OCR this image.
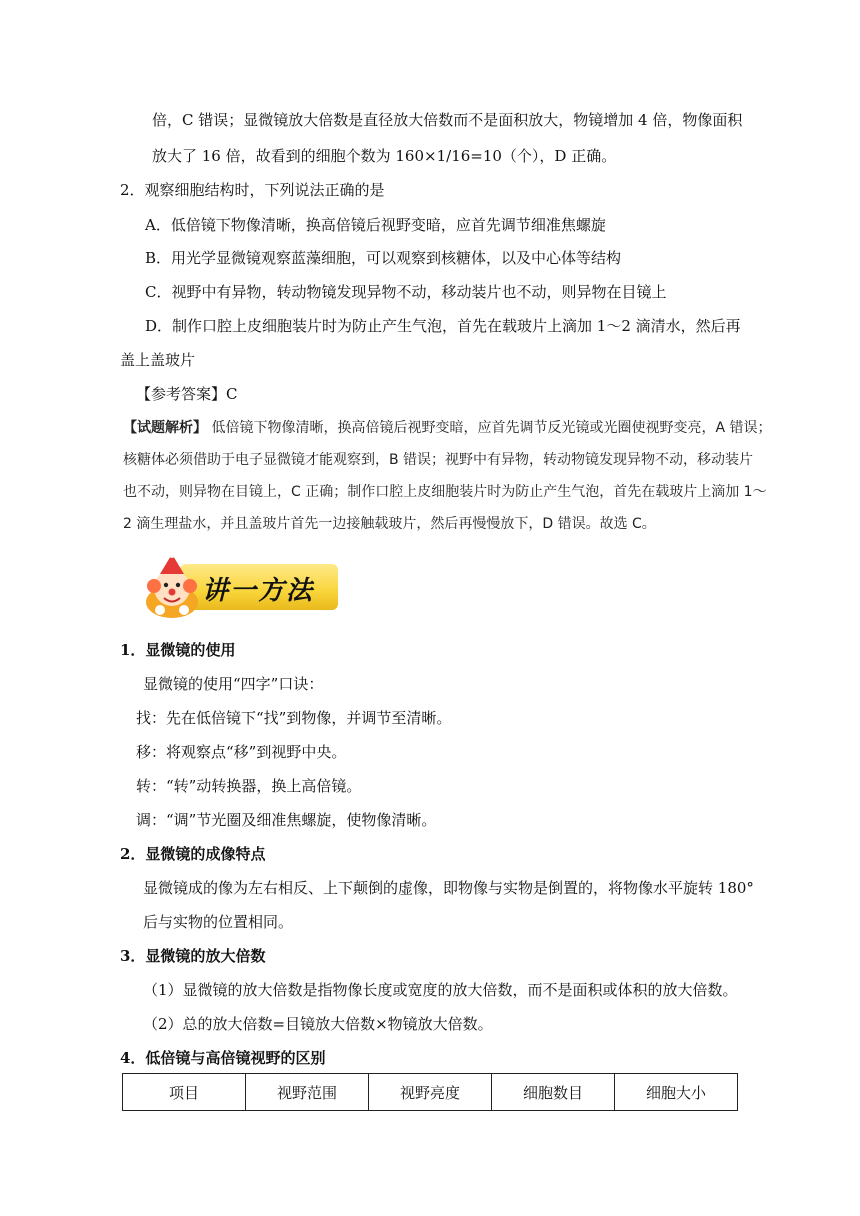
倍，C 错误；显微镜放大倍数是直径放大倍数而不是面积放大，物镜增加 4 倍，物像面积
放大了 16 倍，故看到的细胞个数为 160×1/16=10（个），D 正确。
2．观察细胞结构时，下列说法正确的是
A．低倍镜下物像清晰，换高倍镜后视野变暗，应首先调节细准焦螺旋
B．用光学显微镜观察蓝藻细胞，可以观察到核糖体，以及中心体等结构
C．视野中有异物，转动物镜发现异物不动，移动装片也不动，则异物在目镜上
D．制作口腔上皮细胞装片时为防止产生气泡，首先在载玻片上滴加 1～2 滴清水，然后再
盖上盖玻片
【参考答案】C
【试题解析】 低倍镜下物像清晰，换高倍镜后视野变暗，应首先调节反光镜或光圈使视野变亮，A 错误；
核糖体必须借助于电子显微镜才能观察到，B 错误；视野中有异物，转动物镜发现异物不动，移动装片
也不动，则异物在目镜上，C 正确；制作口腔上皮细胞装片时为防止产生气泡，首先在载玻片上滴加 1～
2 滴生理盐水，并且盖玻片首先一边接触载玻片，然后再慢慢放下，D 错误。故选 C。
讲一方法
1．显微镜的使用
显微镜的使用“四字”口诀：
找：先在低倍镜下“找”到物像，并调节至清晰。
移：将观察点“移”到视野中央。
转：“转”动转换器，换上高倍镜。
调：“调”节光圈及细准焦螺旋，使物像清晰。
2．显微镜的成像特点
显微镜成的像为左右相反、上下颠倒的虚像，即物像与实物是倒置的，将物像水平旋转 180°
后与实物的位置相同。
3．显微镜的放大倍数
（1）显微镜的放大倍数是指物像长度或宽度的放大倍数，而不是面积或体积的放大倍数。
（2）总的放大倍数=目镜放大倍数×物镜放大倍数。
4．低倍镜与高倍镜视野的区别
项目	视野范围	视野亮度	细胞数目	细胞大小
